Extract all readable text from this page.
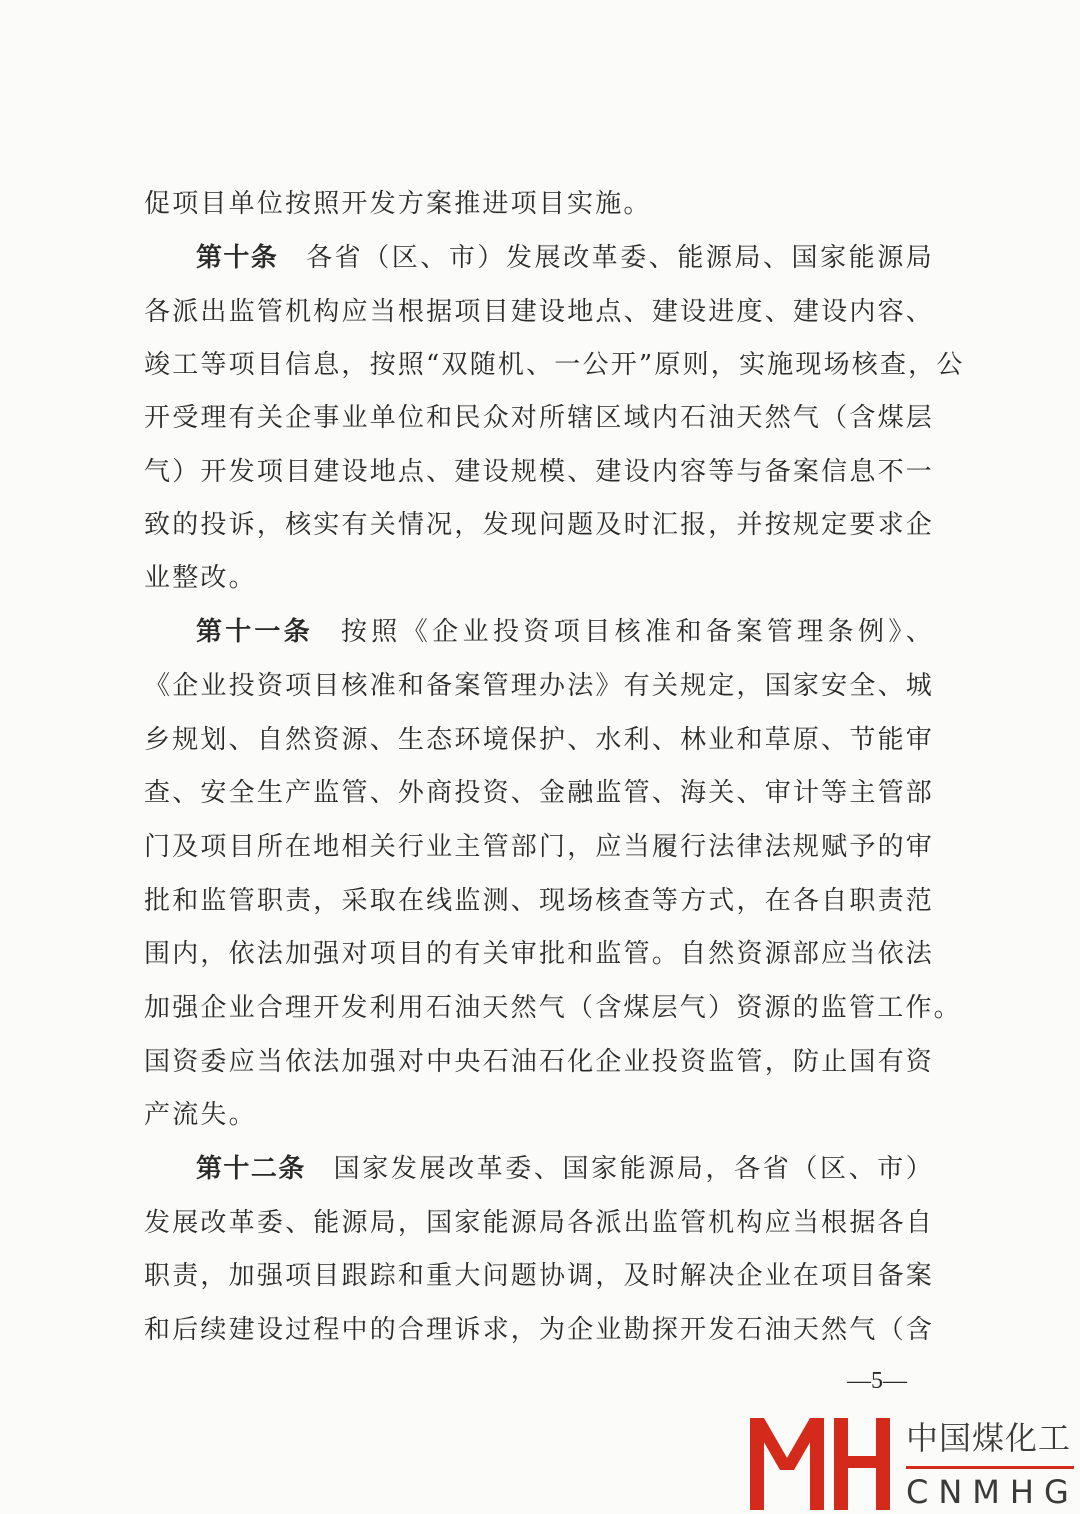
促项目单位按照开发方案推进项目实施。
第十条 各省（区、市）发展改革委、能源局、国家能源局
各派出监管机构应当根据项目建设地点、建设进度、建设内容、
竣工等项目信息，按照“双随机、一公开”原则，实施现场核查，公
开受理有关企事业单位和民众对所辖区域内石油天然气（含煤层
气）开发项目建设地点、建设规模、建设内容等与备案信息不一
致的投诉，核实有关情况，发现问题及时汇报，并按规定要求企
业整改。
第十一条 按照《企业投资项目核准和备案管理条例》、
《企业投资项目核准和备案管理办法》有关规定，国家安全、城
乡规划、自然资源、生态环境保护、水利、林业和草原、节能审
查、安全生产监管、外商投资、金融监管、海关、审计等主管部
门及项目所在地相关行业主管部门，应当履行法律法规赋予的审
批和监管职责，采取在线监测、现场核查等方式，在各自职责范
围内，依法加强对项目的有关审批和监管。自然资源部应当依法
加强企业合理开发利用石油天然气（含煤层气）资源的监管工作。
国资委应当依法加强对中央石油石化企业投资监管，防止国有资
产流失。
第十二条 国家发展改革委、国家能源局，各省（区、市）
发展改革委、能源局，国家能源局各派出监管机构应当根据各自
职责，加强项目跟踪和重大问题协调，及时解决企业在项目备案
和后续建设过程中的合理诉求，为企业勘探开发石油天然气（含
—5—
中国煤化工
CNMHG
